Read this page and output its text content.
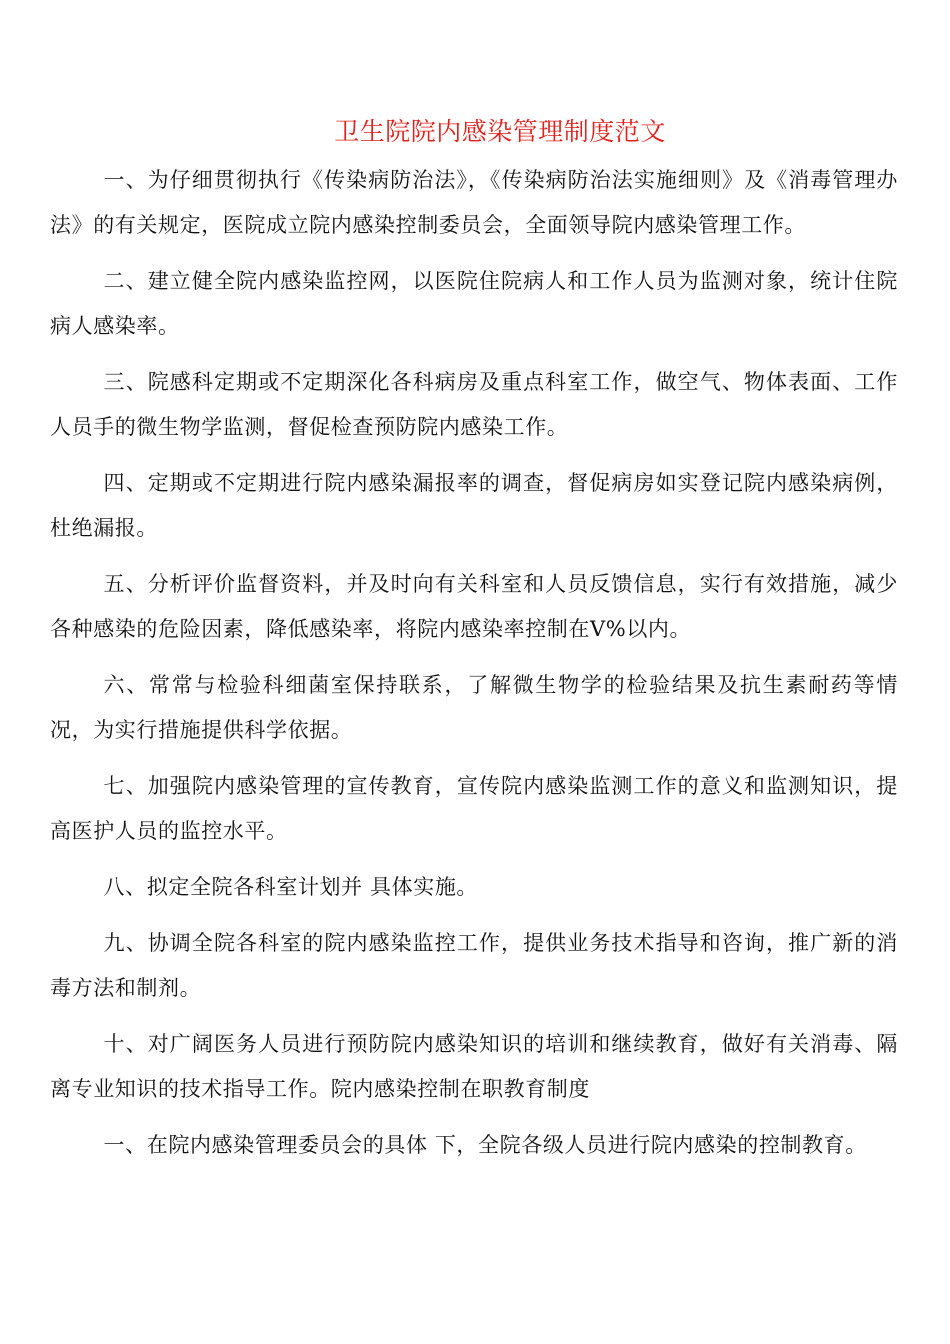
卫生院院内感染管理制度范文

一、为仔细贯彻执行《传染病防治法》，《传染病防治法实施细则》及《消毒管理办法》的有关规定，医院成立院内感染控制委员会，全面领导院内感染管理工作。

二、建立健全院内感染监控网，以医院住院病人和工作人员为监测对象，统计住院病人感染率。

三、院感科定期或不定期深化各科病房及重点科室工作，做空气、物体表面、工作人员手的微生物学监测，督促检查预防院内感染工作。

四、定期或不定期进行院内感染漏报率的调查，督促病房如实登记院内感染病例，杜绝漏报。

五、分析评价监督资料，并及时向有关科室和人员反馈信息，实行有效措施，减少各种感染的危险因素，降低感染率，将院内感染率控制在V%以内。

六、常常与检验科细菌室保持联系，了解微生物学的检验结果及抗生素耐药等情况，为实行措施提供科学依据。

七、加强院内感染管理的宣传教育，宣传院内感染监测工作的意义和监测知识，提高医护人员的监控水平。

八、拟定全院各科室计划并 具体实施。

九、协调全院各科室的院内感染监控工作，提供业务技术指导和咨询，推广新的消毒方法和制剂。

十、对广阔医务人员进行预防院内感染知识的培训和继续教育，做好有关消毒、隔离专业知识的技术指导工作。院内感染控制在职教育制度

一、在院内感染管理委员会的具体 下，全院各级人员进行院内感染的控制教育。
